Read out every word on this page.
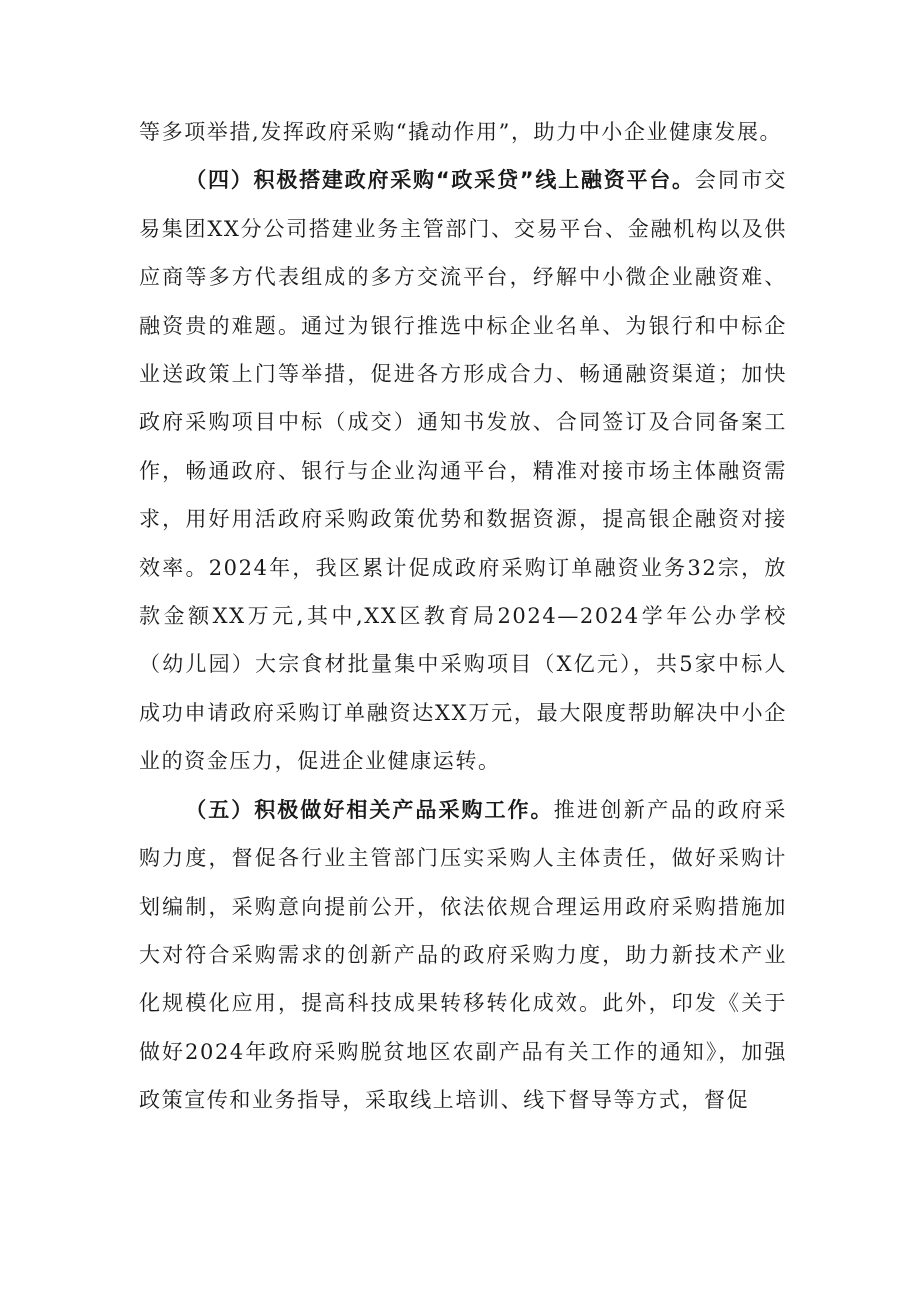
等多项举措,发挥政府采购“撬动作用”，助力中小企业健康发展。

（四）积极搭建政府采购“政采贷”线上融资平台。会同市交易集团XX分公司搭建业务主管部门、交易平台、金融机构以及供应商等多方代表组成的多方交流平台，纾解中小微企业融资难、融资贵的难题。通过为银行推选中标企业名单、为银行和中标企业送政策上门等举措，促进各方形成合力、畅通融资渠道；加快政府采购项目中标（成交）通知书发放、合同签订及合同备案工作，畅通政府、银行与企业沟通平台，精准对接市场主体融资需求，用好用活政府采购政策优势和数据资源，提高银企融资对接效率。2024年，我区累计促成政府采购订单融资业务32宗，放款金额XX万元,其中,XX区教育局2024—2024学年公办学校（幼儿园）大宗食材批量集中采购项目（X亿元），共5家中标人成功申请政府采购订单融资达XX万元，最大限度帮助解决中小企业的资金压力，促进企业健康运转。

（五）积极做好相关产品采购工作。推进创新产品的政府采购力度，督促各行业主管部门压实采购人主体责任，做好采购计划编制，采购意向提前公开，依法依规合理运用政府采购措施加大对符合采购需求的创新产品的政府采购力度，助力新技术产业化规模化应用，提高科技成果转移转化成效。此外，印发《关于做好2024年政府采购脱贫地区农副产品有关工作的通知》，加强政策宣传和业务指导，采取线上培训、线下督导等方式，督促
